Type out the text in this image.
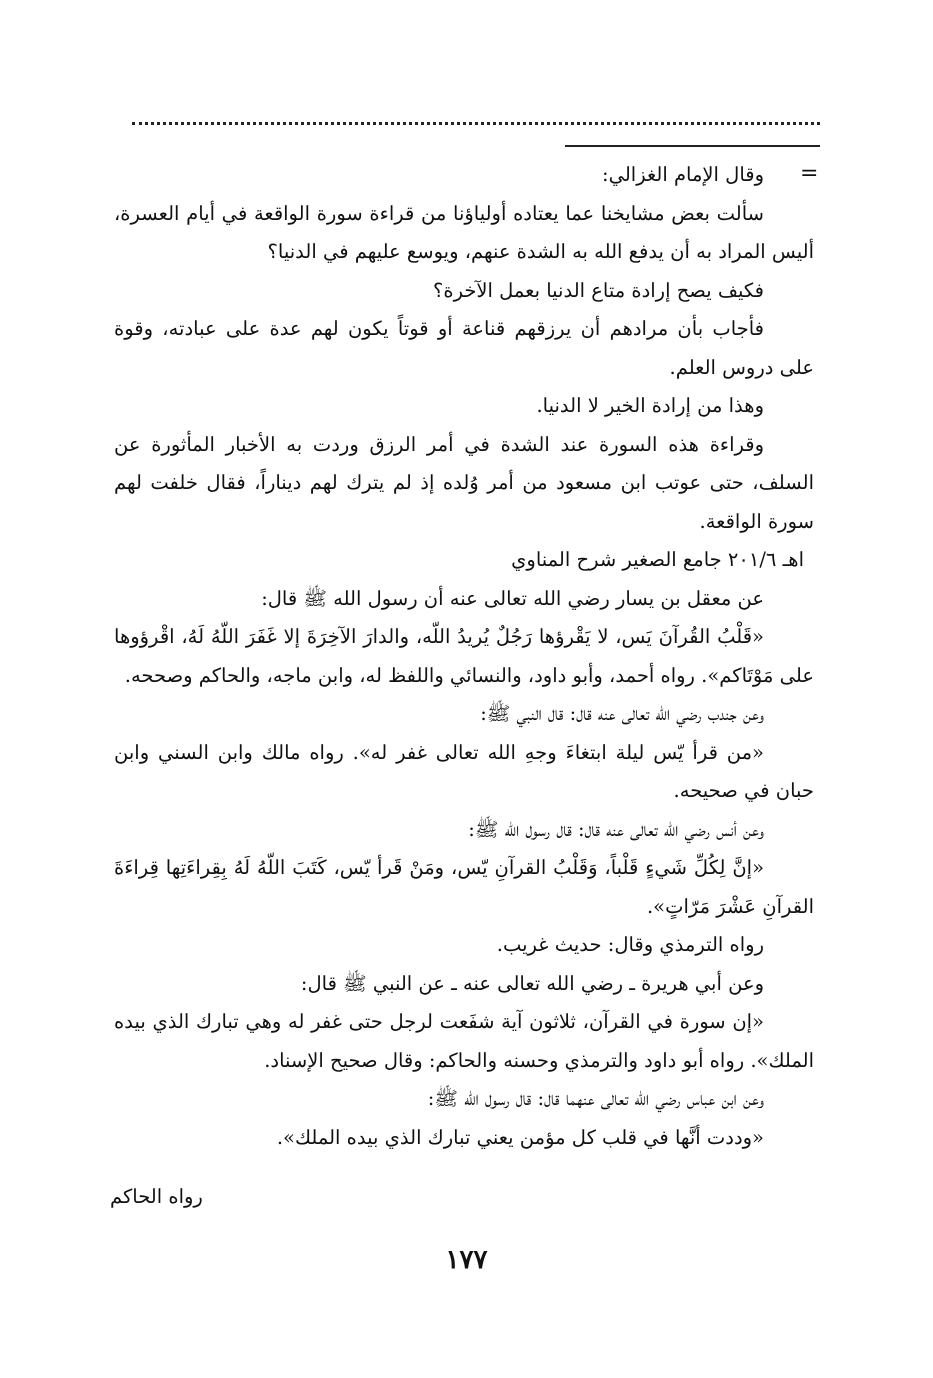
=

وقال الإمام الغزالي:

سألت بعض مشايخنا عما يعتاده أولياؤنا من قراءة سورة الواقعة في أيام العسرة، أليس المراد به أن يدفع الله به الشدة عنهم، ويوسع عليهم في الدنيا؟

فكيف يصح إرادة متاع الدنيا بعمل الآخرة؟

فأجاب بأن مرادهم أن يرزقهم قناعة أو قوتاً يكون لهم عدة على عبادته، وقوة على دروس العلم.

وهذا من إرادة الخير لا الدنيا.

وقراءة هذه السورة عند الشدة في أمر الرزق وردت به الأخبار المأثورة عن السلف، حتى عوتب ابن مسعود من أمر وُلده إذ لم يترك لهم ديناراً، فقال خلفت لهم سورة الواقعة.

اهـ ٢٠١/٦ جامع الصغير شرح المناوي

عن معقل بن يسار رضي الله تعالى عنه أن رسول الله ﷺ قال:

«قَلْبُ القُرآنَ يَس، لا يَقْرؤها رَجُلٌ يُريدُ اللّه، والدارَ الآخِرَةَ إلا غَفَرَ اللّهُ لَهُ، اقْرؤوها على مَوْتَاكم». رواه أحمد، وأبو داود، والنسائي واللفظ له، وابن ماجه، والحاكم وصححه.

وعن جندب رضي الله تعالى عنه قال: قال النبي ﷺ:

«من قرأ يّس ليلة ابتغاءَ وجهِ الله تعالى غفر له». رواه مالك وابن السني وابن حبان في صحيحه.

وعن أنس رضي الله تعالى عنه قال: قال رسول الله ﷺ:

«إنَّ لِكُلِّ شَيءٍ قَلْباً، وَقَلْبُ القرآنِ يّس، ومَنْ قَرأ يّس، كَتَبَ اللّهُ لَهُ بِقِراءَتِها قِراءَةَ القرآنِ عَشْرَ مَرّاتٍ».

رواه الترمذي وقال: حديث غريب.

وعن أبي هريرة ـ رضي الله تعالى عنه ـ عن النبي ﷺ قال:

«إن سورة في القرآن، ثلاثون آية شفَعت لرجل حتى غفر له وهي تبارك الذي بيده الملك». رواه أبو داود والترمذي وحسنه والحاكم: وقال صحيح الإسناد.

وعن ابن عباس رضي الله تعالى عنهما قال: قال رسول الله ﷺ:

«وددت أنَّها في قلب كل مؤمن يعني تبارك الذي بيده الملك».

رواه الحاكم
١٧٧
